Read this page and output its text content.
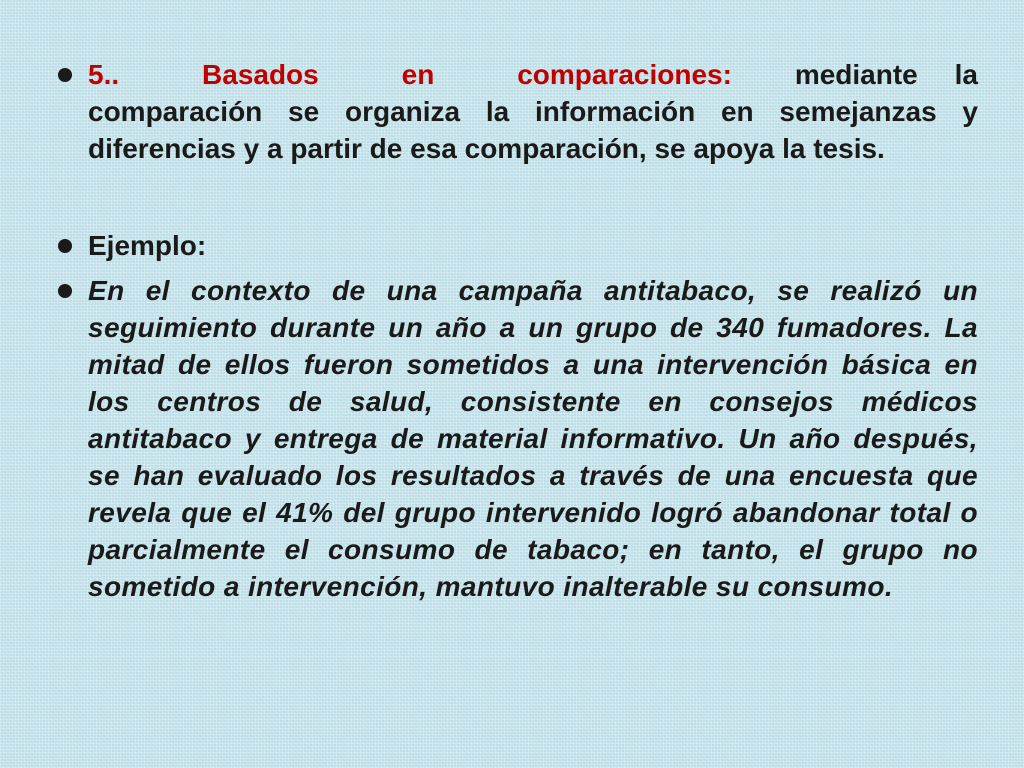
5.. Basados en comparaciones: mediante la comparación se organiza la información en semejanzas y diferencias y a partir de esa comparación, se apoya la tesis.
Ejemplo:
En el contexto de una campaña antitabaco, se realizó un seguimiento durante un año a un grupo de 340 fumadores. La mitad de ellos fueron sometidos a una intervención básica en los centros de salud, consistente en consejos médicos antitabaco y entrega de material informativo. Un año después, se han evaluado los resultados a través de una encuesta que revela que el 41% del grupo intervenido logró abandonar total o parcialmente el consumo de tabaco; en tanto, el grupo no sometido a intervención, mantuvo inalterable su consumo.
